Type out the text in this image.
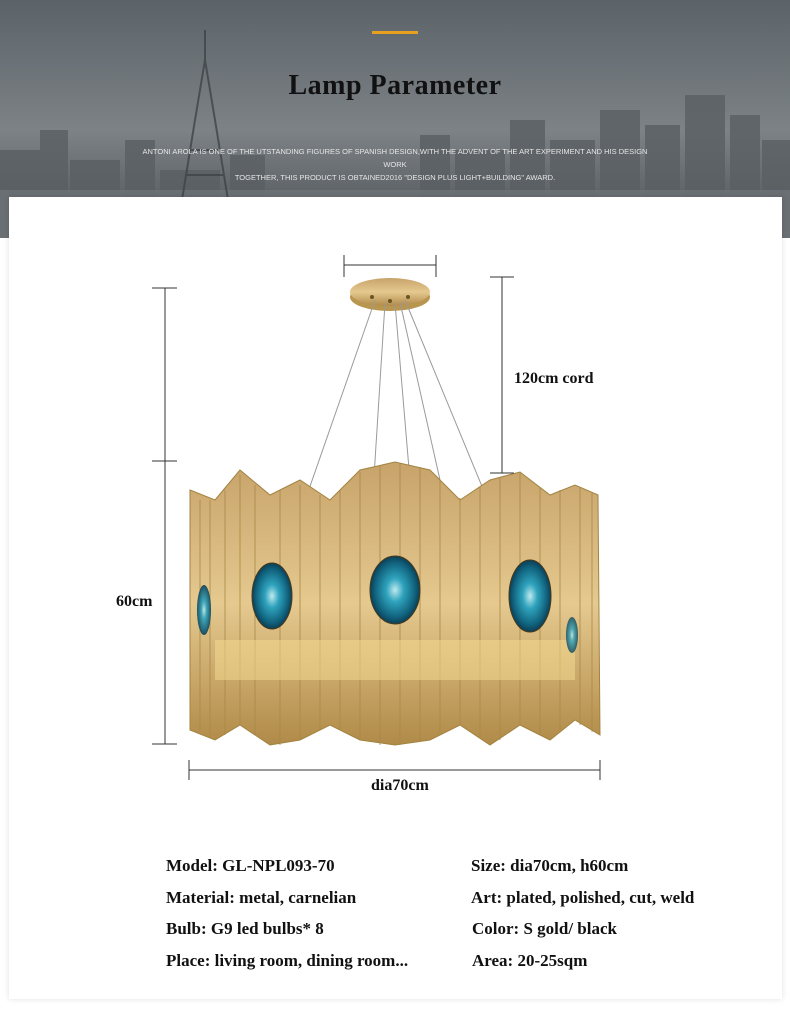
Lamp Parameter
ANTONI AROLA IS ONE OF THE UTSTANDING FIGURES OF SPANISH DESIGN,WITH THE ADVENT OF THE ART EXPERIMENT AND HIS DESIGN WORK
TOGETHER, THIS PRODUCT IS OBTAINED2016 "DESIGN PLUS LIGHT+BUILDING" AWARD.
120cm cord
60cm
dia70cm
Model: GL-NPL093-70	Size: dia70cm, h60cm
Material: metal, carnelian	Art: plated, polished, cut, weld
Bulb: G9 led bulbs* 8	Color: S gold/ black
Place: living room, dining room...	Area: 20-25sqm
